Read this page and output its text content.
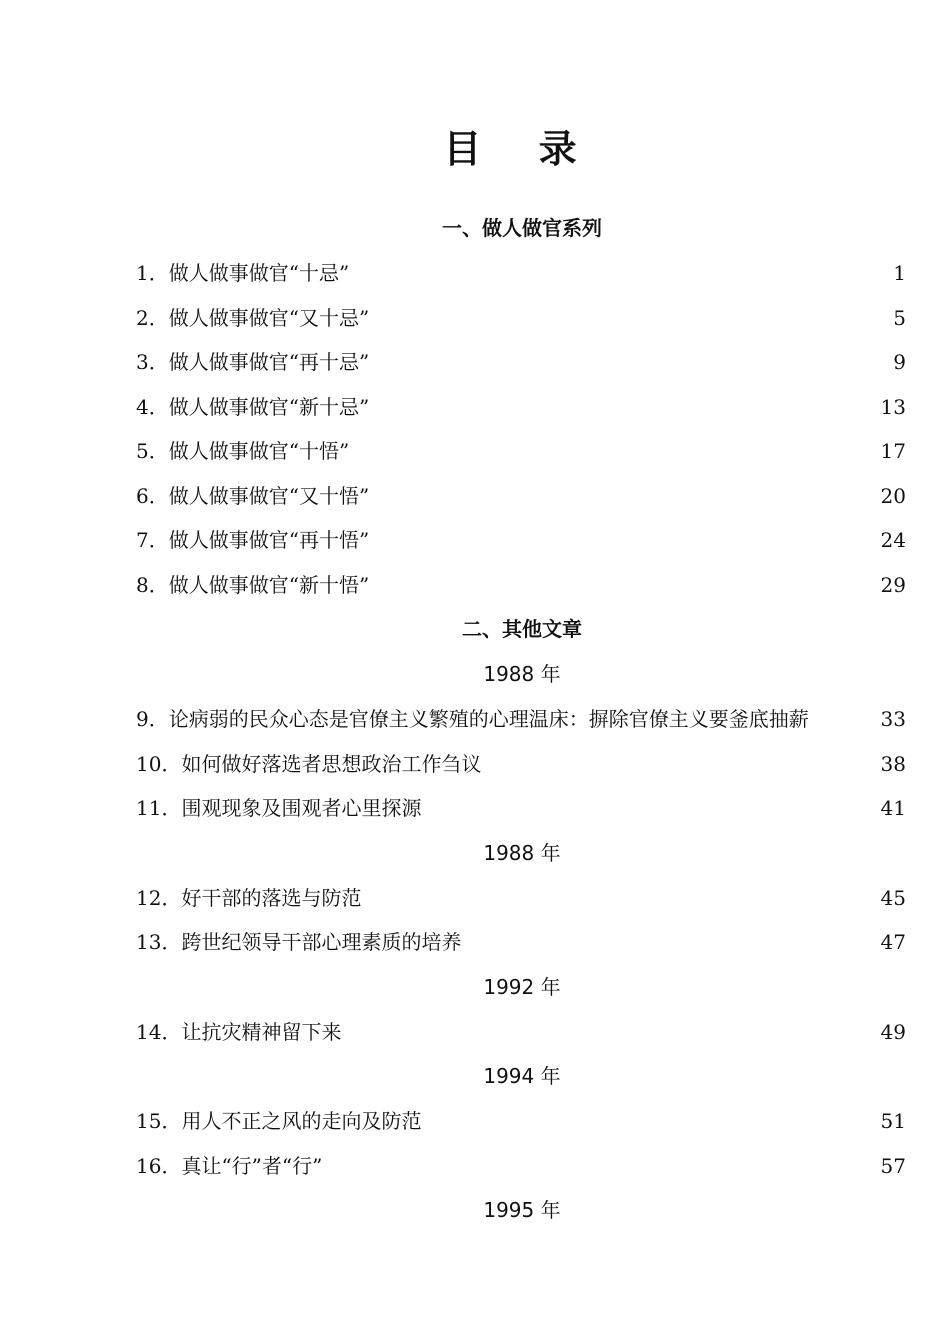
目 录
一、做人做官系列
1．做人做事做官“十忌”	1
2．做人做事做官“又十忌”	5
3．做人做事做官“再十忌”	9
4．做人做事做官“新十忌”	13
5．做人做事做官“十悟”	17
6．做人做事做官“又十悟”	20
7．做人做事做官“再十悟”	24
8．做人做事做官“新十悟”	29
二、其他文章
1988 年
9．论病弱的民众心态是官僚主义繁殖的心理温床：摒除官僚主义要釜底抽薪	33
10．如何做好落选者思想政治工作刍议	38
11．围观现象及围观者心里探源	41
1988 年
12．好干部的落选与防范	45
13．跨世纪领导干部心理素质的培养	47
1992 年
14．让抗灾精神留下来	49
1994 年
15．用人不正之风的走向及防范	51
16．真让“行”者“行”	57
1995 年
